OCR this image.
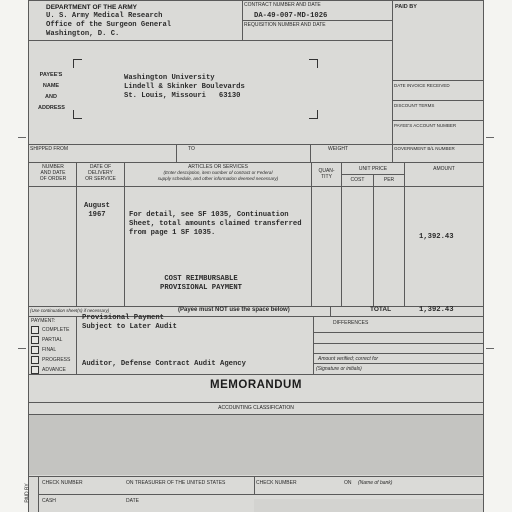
DEPARTMENT OF THE ARMY
U. S. Army Medical Research
Office of the Surgeon General
Washington, D. C.
CONTRACT NUMBER AND DATE
DA-49-007-MD-1026
REQUISITION NUMBER AND DATE
PAID BY
PAYEE'S
NAME
AND
ADDRESS
Washington University
Lindell & Skinker Boulevards
St. Louis, Missouri   63130
DATE INVOICE RECEIVED
DISCOUNT TERMS
PAYEE'S ACCOUNT NUMBER
SHIPPED FROM	TO	WEIGHT	GOVERNMENT B/L NUMBER
NUMBER
AND DATE
OF ORDER
DATE OF
DELIVERY
OR SERVICE
ARTICLES OR SERVICES
(Enter description, item number of contract or Federal
supply schedule, and other information deemed necessary)
QUAN-
TITY
UNIT PRICE
COST	PER
AMOUNT
August
1967	For detail, see SF 1035, Continuation
Sheet, total amounts claimed transferred
from page 1 SF 1035.
COST REIMBURSABLE
PROVISIONAL PAYMENT
1,392.43
(Use continuation sheet(s) if necessary)	(Payee must NOT use the space below)	TOTAL	1,392.43
PAYMENT:
COMPLETE
PARTIAL
FINAL
PROGRESS
ADVANCE
Provisional Payment
Subject to Later Audit
Auditor, Defense Contract Audit Agency
DIFFERENCES
Amount verified; correct for
(Signature or initials)
MEMORANDUM
ACCOUNTING CLASSIFICATION
PAID BY
CHECK NUMBER	ON TREASURER OF THE UNITED STATES	CHECK NUMBER	ON (Name of bank)
CASH	DATE
